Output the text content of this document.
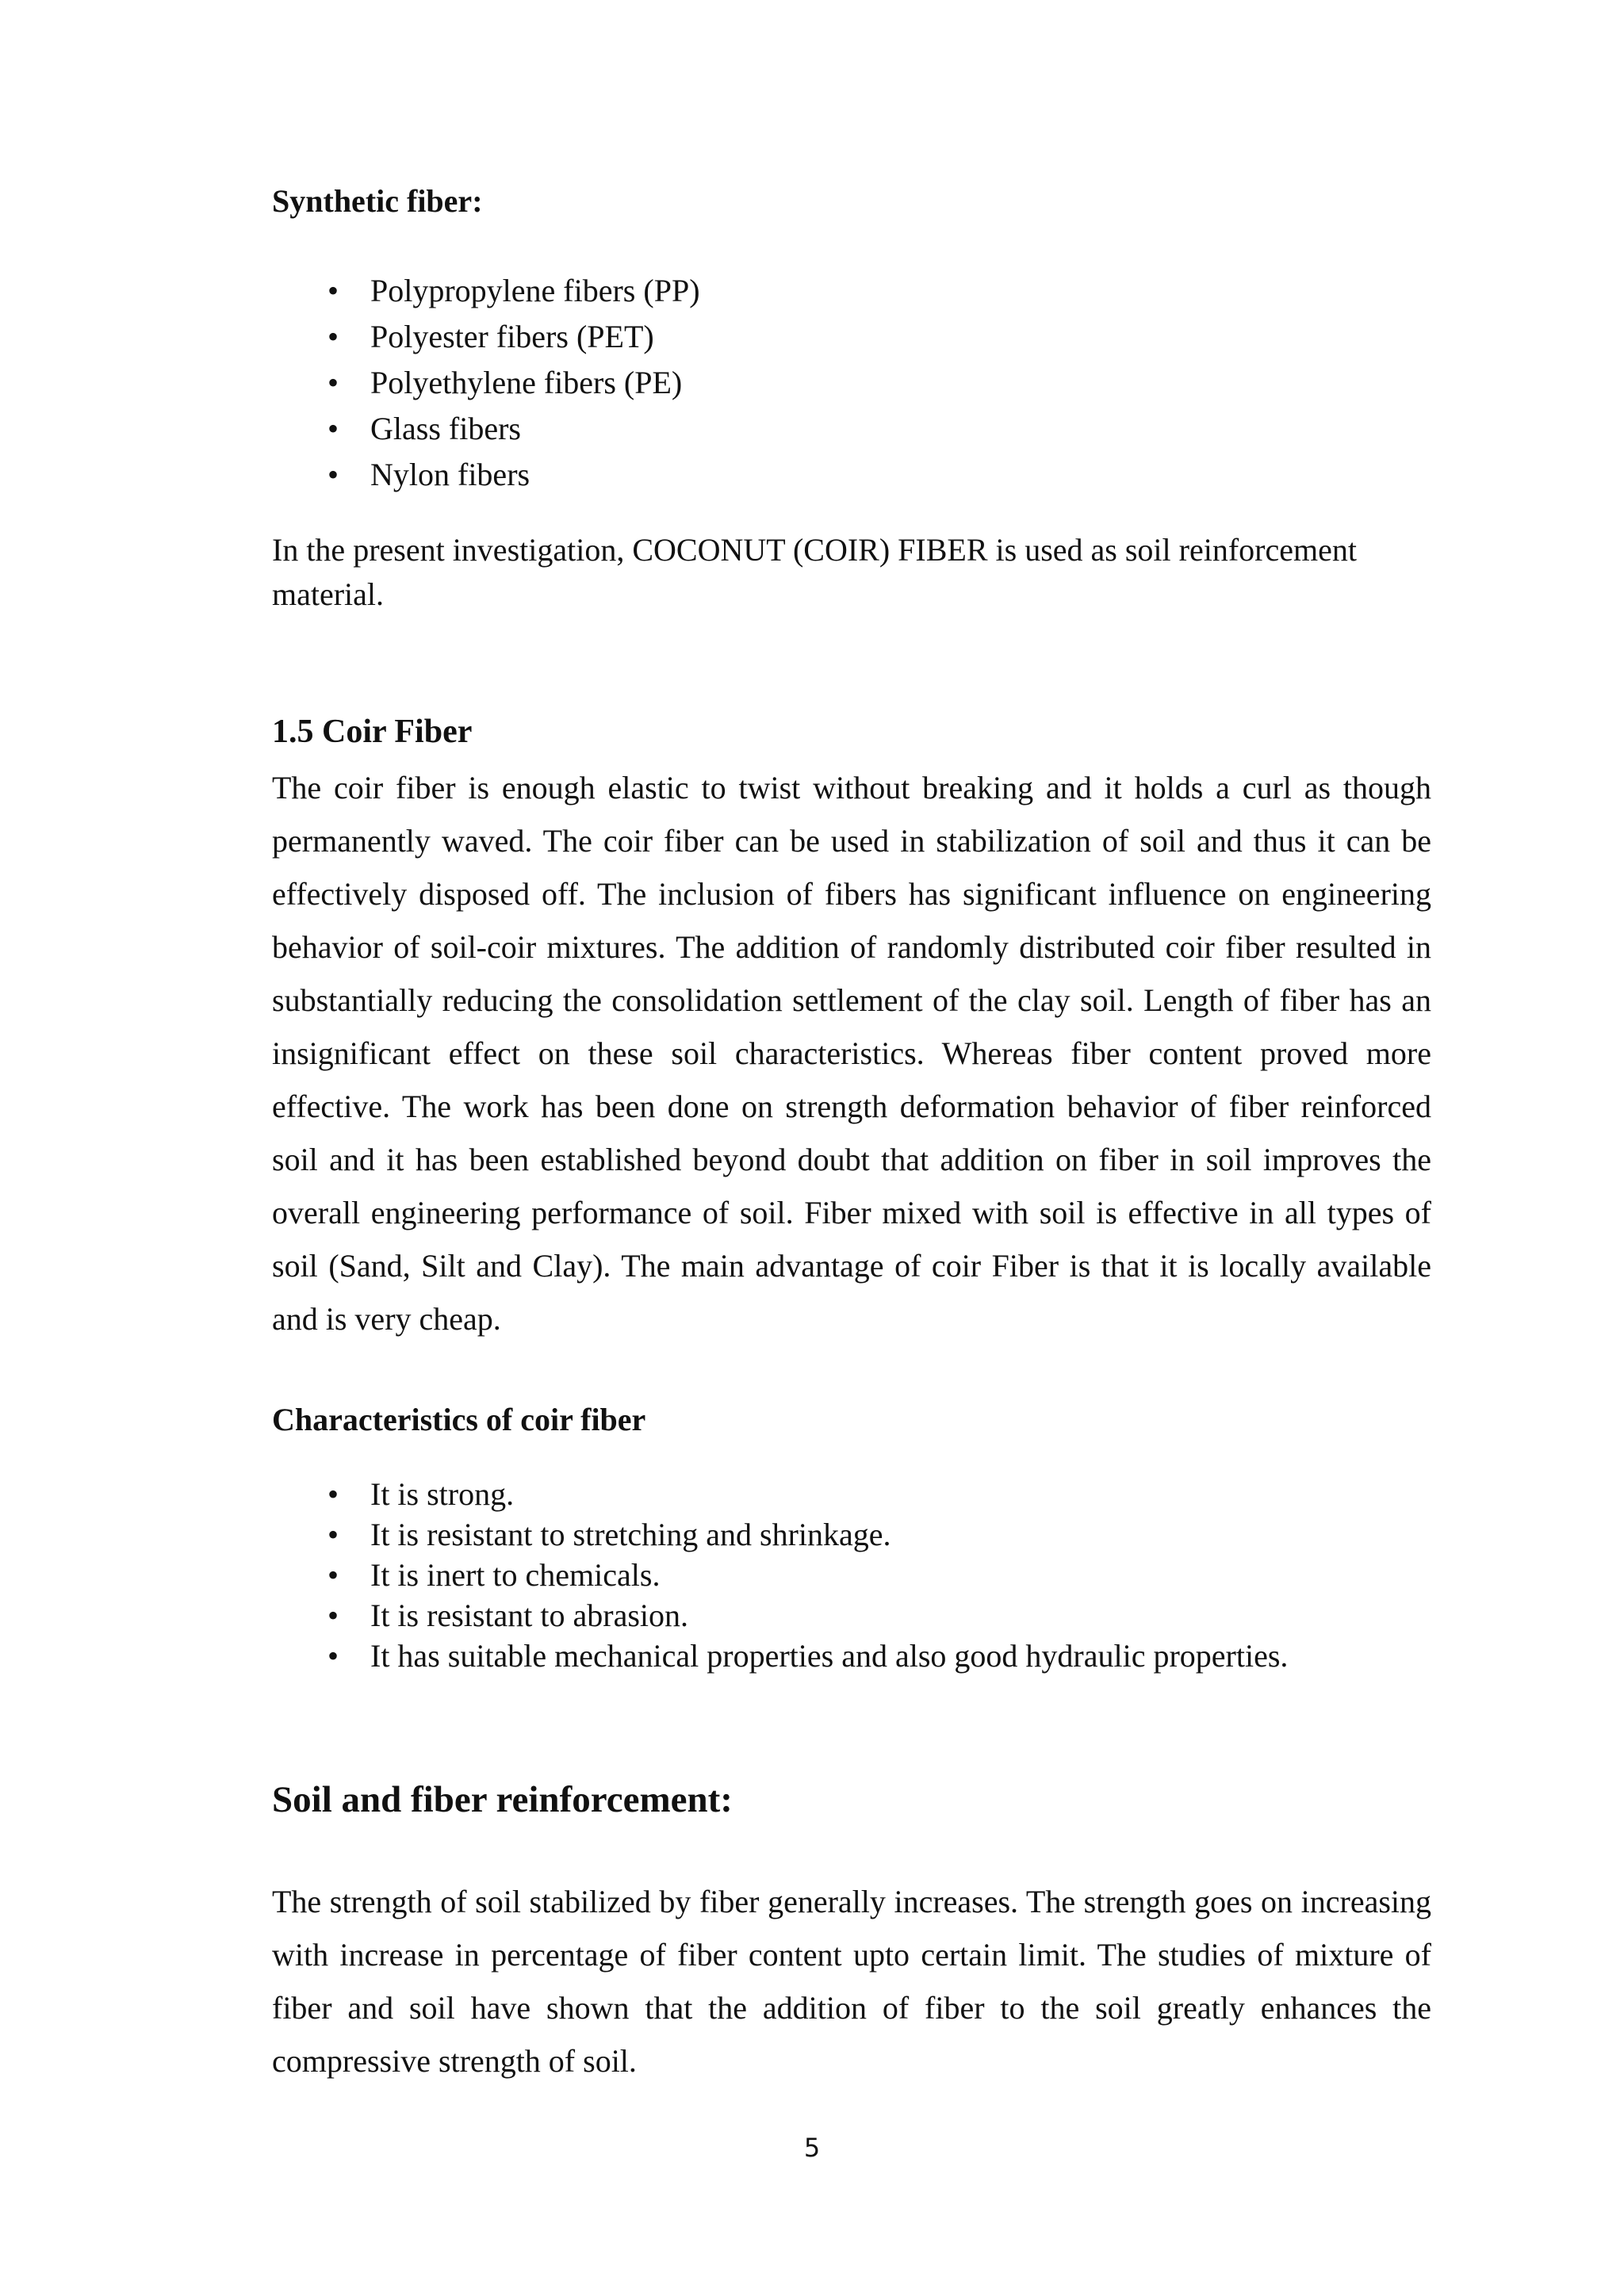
Synthetic fiber:
• Polypropylene fibers (PP)
• Polyester fibers (PET)
• Polyethylene fibers (PE)
• Glass fibers
• Nylon fibers

In the present investigation, COCONUT (COIR) FIBER is used as soil reinforcement material.

1.5 Coir Fiber

The coir fiber is enough elastic to twist without breaking and it holds a curl as though permanently waved. The coir fiber can be used in stabilization of soil and thus it can be effectively disposed off. The inclusion of fibers has significant influence on engineering behavior of soil-coir mixtures. The addition of randomly distributed coir fiber resulted in substantially reducing the consolidation settlement of the clay soil. Length of fiber has an insignificant effect on these soil characteristics. Whereas fiber content proved more effective. The work has been done on strength deformation behavior of fiber reinforced soil and it has been established beyond doubt that addition on fiber in soil improves the overall engineering performance of soil. Fiber mixed with soil is effective in all types of soil (Sand, Silt and Clay). The main advantage of coir Fiber is that it is locally available and is very cheap.

Characteristics of coir fiber
• It is strong.
• It is resistant to stretching and shrinkage.
• It is inert to chemicals.
• It is resistant to abrasion.
• It has suitable mechanical properties and also good hydraulic properties.
Soil and fiber reinforcement:

The strength of soil stabilized by fiber generally increases. The strength goes on increasing with increase in percentage of fiber content upto certain limit. The studies of mixture of fiber and soil have shown that the addition of fiber to the soil greatly enhances the compressive strength of soil.

5
